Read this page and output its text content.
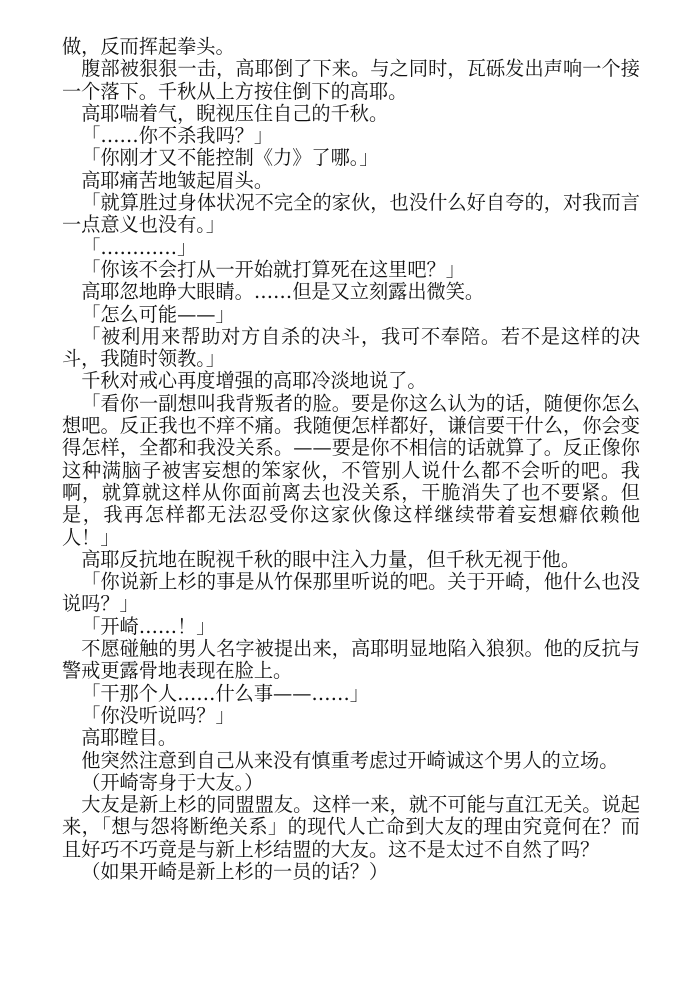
做，反而挥起拳头。

腹部被狠狠一击，高耶倒了下来。与之同时，瓦砾发出声响一个接一个落下。千秋从上方按住倒下的高耶。

高耶喘着气，睨视压住自己的千秋。

「……你不杀我吗？」

「你刚才又不能控制《力》了哪。」

高耶痛苦地皱起眉头。

「就算胜过身体状况不完全的家伙，也没什么好自夸的，对我而言一点意义也没有。」

「…………」

「你该不会打从一开始就打算死在这里吧？」

高耶忽地睁大眼睛。……但是又立刻露出微笑。

「怎么可能——」

「被利用来帮助对方自杀的决斗，我可不奉陪。若不是这样的决斗，我随时领教。」

千秋对戒心再度增强的高耶冷淡地说了。

「看你一副想叫我背叛者的脸。要是你这么认为的话，随便你怎么想吧。反正我也不痒不痛。我随便怎样都好，谦信要干什么，你会变得怎样，全都和我没关系。——要是你不相信的话就算了。反正像你这种满脑子被害妄想的笨家伙，不管别人说什么都不会听的吧。我啊，就算就这样从你面前离去也没关系，干脆消失了也不要紧。但是，我再怎样都无法忍受你这家伙像这样继续带着妄想癖依赖他人！」

高耶反抗地在睨视千秋的眼中注入力量，但千秋无视于他。

「你说新上杉的事是从竹保那里听说的吧。关于开崎，他什么也没说吗？」

「开崎……！」

不愿碰触的男人名字被提出来，高耶明显地陷入狼狈。他的反抗与警戒更露骨地表现在脸上。

「干那个人……什么事——……」

「你没听说吗？」

高耶瞠目。

他突然注意到自己从来没有慎重考虑过开崎诚这个男人的立场。

（开崎寄身于大友。）

大友是新上杉的同盟盟友。这样一来，就不可能与直江无关。说起来，「想与怨将断绝关系」的现代人亡命到大友的理由究竟何在？而且好巧不巧竟是与新上杉结盟的大友。这不是太过不自然了吗？

（如果开崎是新上杉的一员的话？）
